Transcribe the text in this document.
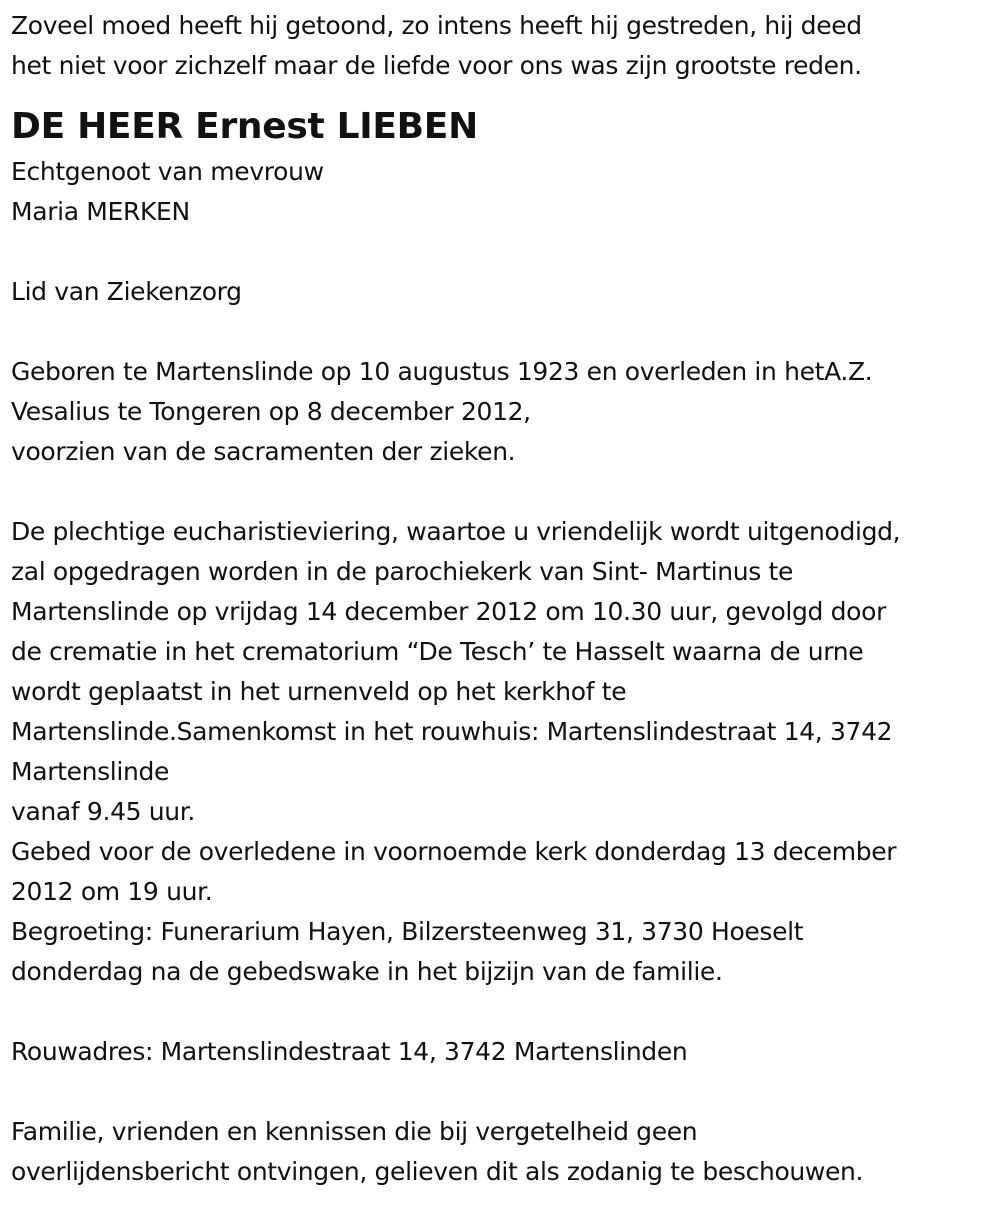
Zoveel moed heeft hij getoond, zo intens heeft hij gestreden, hij deed
het niet voor zichzelf maar de liefde voor ons was zijn grootste reden.
DE HEER Ernest LIEBEN
Echtgenoot van mevrouw
Maria MERKEN
Lid van Ziekenzorg
Geboren te Martenslinde op 10 augustus 1923 en overleden in hetA.Z.
Vesalius te Tongeren op 8 december 2012,
voorzien van de sacramenten der zieken.
De plechtige eucharistieviering, waartoe u vriendelijk wordt uitgenodigd,
zal opgedragen worden in de parochiekerk van Sint- Martinus te
Martenslinde op vrijdag 14 december 2012 om 10.30 uur, gevolgd door
de crematie in het crematorium “De Tesch’ te Hasselt waarna de urne
wordt geplaatst in het urnenveld op het kerkhof te
Martenslinde.Samenkomst in het rouwhuis: Martenslindestraat 14, 3742
Martenslinde
vanaf 9.45 uur.
Gebed voor de overledene in voornoemde kerk donderdag 13 december
2012 om 19 uur.
Begroeting: Funerarium Hayen, Bilzersteenweg 31, 3730 Hoeselt
donderdag na de gebedswake in het bijzijn van de familie.
Rouwadres: Martenslindestraat 14, 3742 Martenslinden
Familie, vrienden en kennissen die bij vergetelheid geen
overlijdensbericht ontvingen, gelieven dit als zodanig te beschouwen.
